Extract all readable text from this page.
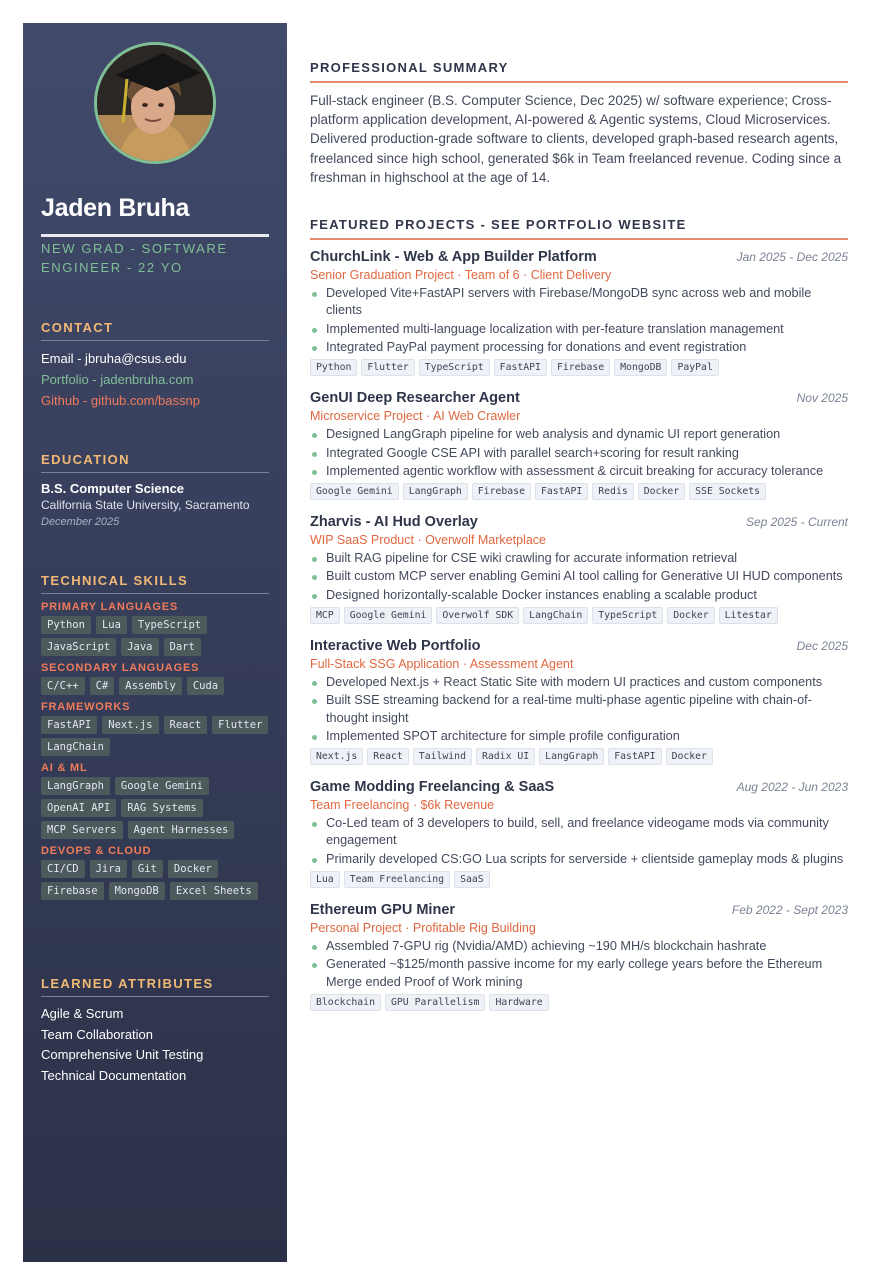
Jaden Bruha
NEW GRAD - SOFTWARE ENGINEER - 22 YO
CONTACT
Email - jbruha@csus.edu
Portfolio - jadenbruha.com
Github - github.com/bassnp
EDUCATION
B.S. Computer Science
California State University, Sacramento
December 2025
TECHNICAL SKILLS
PRIMARY LANGUAGES
Python	Lua	TypeScript
JavaScript	Java	Dart
SECONDARY LANGUAGES
C/C++	C#	Assembly	Cuda
FRAMEWORKS
FastAPI	Next.js	React	Flutter
LangChain
AI & ML
LangGraph	Google Gemini
OpenAI API	RAG Systems
MCP Servers	Agent Harnesses
DEVOPS & CLOUD
CI/CD	Jira	Git	Docker
Firebase	MongoDB	Excel Sheets
LEARNED ATTRIBUTES
Agile & Scrum
Team Collaboration
Comprehensive Unit Testing
Technical Documentation
PROFESSIONAL SUMMARY
Full-stack engineer (B.S. Computer Science, Dec 2025) w/ software experience; Cross-platform application development, AI-powered & Agentic systems, Cloud Microservices. Delivered production-grade software to clients, developed graph-based research agents, freelanced since high school, generated $6k in Team freelanced revenue. Coding since a freshman in highschool at the age of 14.
FEATURED PROJECTS - SEE PORTFOLIO WEBSITE
ChurchLink - Web & App Builder Platform	Jan 2025 - Dec 2025
Senior Graduation Project · Team of 6 · Client Delivery
Developed Vite+FastAPI servers with Firebase/MongoDB sync across web and mobile clients
Implemented multi-language localization with per-feature translation management
Integrated PayPal payment processing for donations and event registration
Python	Flutter	TypeScript	FastAPI	Firebase	MongoDB	PayPal
GenUI Deep Researcher Agent	Nov 2025
Microservice Project · AI Web Crawler
Designed LangGraph pipeline for web analysis and dynamic UI report generation
Integrated Google CSE API with parallel search+scoring for result ranking
Implemented agentic workflow with assessment & circuit breaking for accuracy tolerance
Google Gemini	LangGraph	Firebase	FastAPI	Redis	Docker	SSE Sockets
Zharvis - AI Hud Overlay	Sep 2025 - Current
WIP SaaS Product · Overwolf Marketplace
Built RAG pipeline for CSE wiki crawling for accurate information retrieval
Built custom MCP server enabling Gemini AI tool calling for Generative UI HUD components
Designed horizontally-scalable Docker instances enabling a scalable product
MCP	Google Gemini	Overwolf SDK	LangChain	TypeScript	Docker	Litestar
Interactive Web Portfolio	Dec 2025
Full-Stack SSG Application · Assessment Agent
Developed Next.js + React Static Site with modern UI practices and custom components
Built SSE streaming backend for a real-time multi-phase agentic pipeline with chain-of-thought insight
Implemented SPOT architecture for simple profile configuration
Next.js	React	Tailwind	Radix UI	LangGraph	FastAPI	Docker
Game Modding Freelancing & SaaS	Aug 2022 - Jun 2023
Team Freelancing · $6k Revenue
Co-Led team of 3 developers to build, sell, and freelance videogame mods via community engagement
Primarily developed CS:GO Lua scripts for serverside + clientside gameplay mods & plugins
Lua	Team Freelancing	SaaS
Ethereum GPU Miner	Feb 2022 - Sept 2023
Personal Project · Profitable Rig Building
Assembled 7-GPU rig (Nvidia/AMD) achieving ~190 MH/s blockchain hashrate
Generated ~$125/month passive income for my early college years before the Ethereum Merge ended Proof of Work mining
Blockchain	GPU Parallelism	Hardware
